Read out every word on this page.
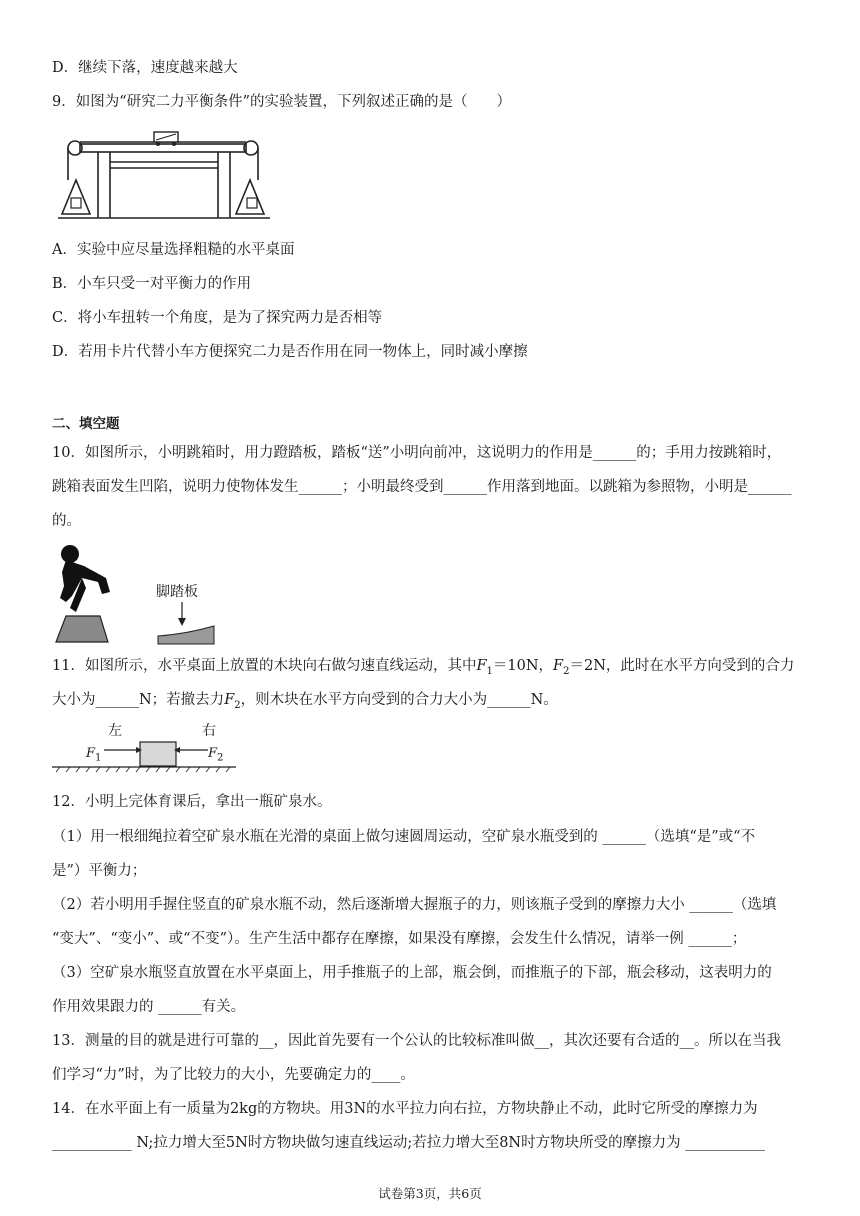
D．继续下落，速度越来越大
9．如图为“研究二力平衡条件”的实验装置，下列叙述正确的是（　　）
A．实验中应尽量选择粗糙的水平桌面
B．小车只受一对平衡力的作用
C．将小车扭转一个角度，是为了探究两力是否相等
D．若用卡片代替小车方便探究二力是否作用在同一物体上，同时减小摩擦
二、填空题
10．如图所示，小明跳箱时，用力蹬踏板，踏板“送”小明向前冲，这说明力的作用是______的；手用力按跳箱时，
跳箱表面发生凹陷，说明力使物体发生______；小明最终受到______作用落到地面。以跳箱为参照物，小明是______
的。
脚踏板
11．如图所示，水平桌面上放置的木块向右做匀速直线运动，其中$F_1=10N$，$F_2=2N$，此时在水平方向受到的合力
大小为______N；若撤去力$F_2$，则木块在水平方向受到的合力大小为______N。
左	右
$F_1$	$F_2$
12．小明上完体育课后，拿出一瓶矿泉水。
（1）用一根细绳拉着空矿泉水瓶在光滑的桌面上做匀速圆周运动，空矿泉水瓶受到的 ______（选填“是”或“不
是”）平衡力；
（2）若小明用手握住竖直的矿泉水瓶不动，然后逐渐增大握瓶子的力，则该瓶子受到的摩擦力大小 ______（选填
“变大”、“变小”、或“不变”）。生产生活中都存在摩擦，如果没有摩擦，会发生什么情况，请举一例 ______；
（3）空矿泉水瓶竖直放置在水平桌面上，用手推瓶子的上部，瓶会倒，而推瓶子的下部，瓶会移动，这表明力的
作用效果跟力的 ______有关。
13．测量的目的就是进行可靠的__，因此首先要有一个公认的比较标准叫做__，其次还要有合适的__。所以在当我
们学习“力”时，为了比较力的大小，先要确定力的____。
14．在水平面上有一质量为2kg的方物块。用3N的水平拉力向右拉，方物块静止不动，此时它所受的摩擦力为
___________ N;拉力增大至5N时方物块做匀速直线运动;若拉力增大至8N时方物块所受的摩擦力为 ___________
试卷第3页，共6页
